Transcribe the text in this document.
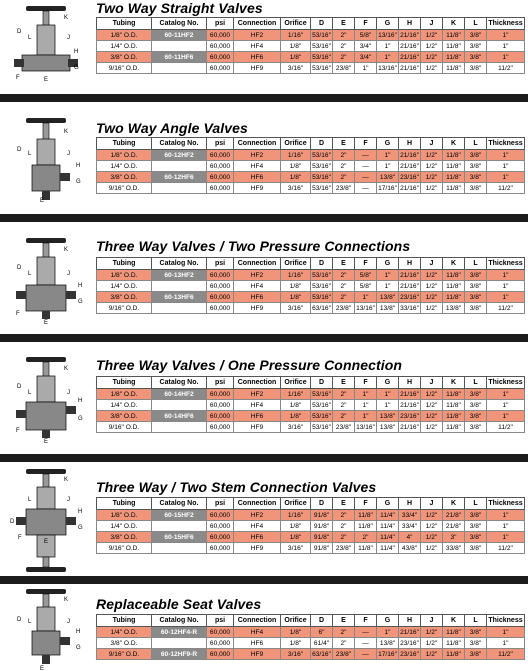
D
K
L	J
H
G
F	E
Two Way Straight Valves
Tubing	Catalog No.	psi	Connection	Orifice	D	E	F	G	H	J	K	L	Thickness
1/8" O.D.	60-11HF2	60,000	HF2	1/16"	53/16"	2"	5/8"	13/16"	21/16"	1/2"	11/8"	3/8"	1"
1/4" O.D.	60-11HF4	60,000	HF4	1/8"	53/16"	2"	3/4"	1"	21/16"	1/2"	11/8"	3/8"	1"
3/8" O.D.	60-11HF6	60,000	HF6	1/8"	53/16"	2"	3/4"	1"	21/16"	1/2"	11/8"	3/8"	1"
9/16" O.D.	60-11HF9	60,000	HF9	3/16"	53/16"	23/8"	1"	13/16"	21/16"	1/2"	11/8"	3/8"	11/2"
D
K
L	J
H
G
E
Two Way Angle Valves
Tubing	Catalog No.	psi	Connection	Orifice	D	E	F	G	H	J	K	L	Thickness
1/8" O.D.	60-12HF2	60,000	HF2	1/16"	53/16"	2"	—	1"	21/16"	1/2"	11/8"	3/8"	1"
1/4" O.D.	60-12HF4	60,000	HF4	1/8"	53/16"	2"	—	1"	21/16"	1/2"	11/8"	3/8"	1"
3/8" O.D.	60-12HF6	60,000	HF6	1/8"	53/16"	2"	—	13/8"	23/16"	1/2"	11/8"	3/8"	1"
9/16" O.D.	60-12HF9	60,000	HF9	3/16"	53/16"	23/8"	—	17/16"	21/16"	1/2"	11/8"	3/8"	11/2"
D
K
L	J
H
G
F
E
Three Way Valves / Two Pressure Connections
Tubing	Catalog No.	psi	Connection	Orifice	D	E	F	G	H	J	K	L	Thickness
1/8" O.D.	60-13HF2	60,000	HF2	1/16"	53/16"	2"	5/8"	1"	21/16"	1/2"	11/8"	3/8"	1"
1/4" O.D.	60-13HF4	60,000	HF4	1/8"	53/16"	2"	5/8"	1"	21/16"	1/2"	11/8"	3/8"	1"
3/8" O.D.	60-13HF6	60,000	HF6	1/8"	53/16"	2"	1"	13/8"	23/16"	1/2"	11/8"	3/8"	1"
9/16" O.D.	60-13HF9	60,000	HF9	3/16"	63/16"	23/8"	13/16"	13/8"	33/16"	1/2"	13/8"	3/8"	11/2"
D
K
L	J
H
G
F
E
Three Way Valves / One Pressure Connection
Tubing	Catalog No.	psi	Connection	Orifice	D	E	F	G	H	J	K	L	Thickness
1/8" O.D.	60-14HF2	60,000	HF2	1/16"	53/16"	2"	1"	1"	21/16"	1/2"	11/8"	3/8"	1"
1/4" O.D.	60-14HF4	60,000	HF4	1/8"	53/16"	2"	1"	1"	21/16"	1/2"	11/8"	3/8"	1"
3/8" O.D.	60-14HF6	60,000	HF6	1/8"	53/16"	2"	1"	13/8"	23/16"	1/2"	11/8"	3/8"	1"
9/16" O.D.	60-14HF9	60,000	HF9	3/16"	53/16"	23/8"	13/16"	13/8"	21/16"	1/2"	11/8"	3/8"	11/2"
D
K
L	J
H
G
F
E
Three Way / Two Stem Connection Valves
Tubing	Catalog No.	psi	Connection	Orifice	D	E	F	G	H	J	K	L	Thickness
1/8" O.D.	60-15HF2	60,000	HF2	1/16"	91/8"	2"	11/8"	11/4"	33/4"	1/2"	21/8"	3/8"	1"
1/4" O.D.	60-15HF4	60,000	HF4	1/8"	91/8"	2"	11/8"	11/4"	33/4"	1/2"	21/8"	3/8"	1"
3/8" O.D.	60-15HF6	60,000	HF6	1/8"	91/8"	2"	2"	11/4"	4"	1/2"	3"	3/8"	1"
9/16" O.D.	60-15HF9	60,000	HF9	3/16"	91/8"	23/8"	11/8"	11/4"	43/8"	1/2"	33/8"	3/8"	11/2"
D
K
L	J
H
G
E
Replaceable Seat Valves
Tubing	Catalog No.	psi	Connection	Orifice	D	E	F	G	H	J	K	L	Thickness
1/4" O.D.	60-12HF4-R	60,000	HF4	1/8"	6"	2"	—	1"	21/16"	1/2"	11/8"	3/8"	1"
3/8" O.D.	60-12HF6-R	60,000	HF6	1/8"	61/4"	2"	—	13/8"	23/16"	1/2"	11/8"	3/8"	1"
9/16" O.D.	60-12HF9-R	60,000	HF9	3/16"	63/16"	23/8"	—	17/16"	23/16"	1/2"	11/8"	3/8"	11/2"
